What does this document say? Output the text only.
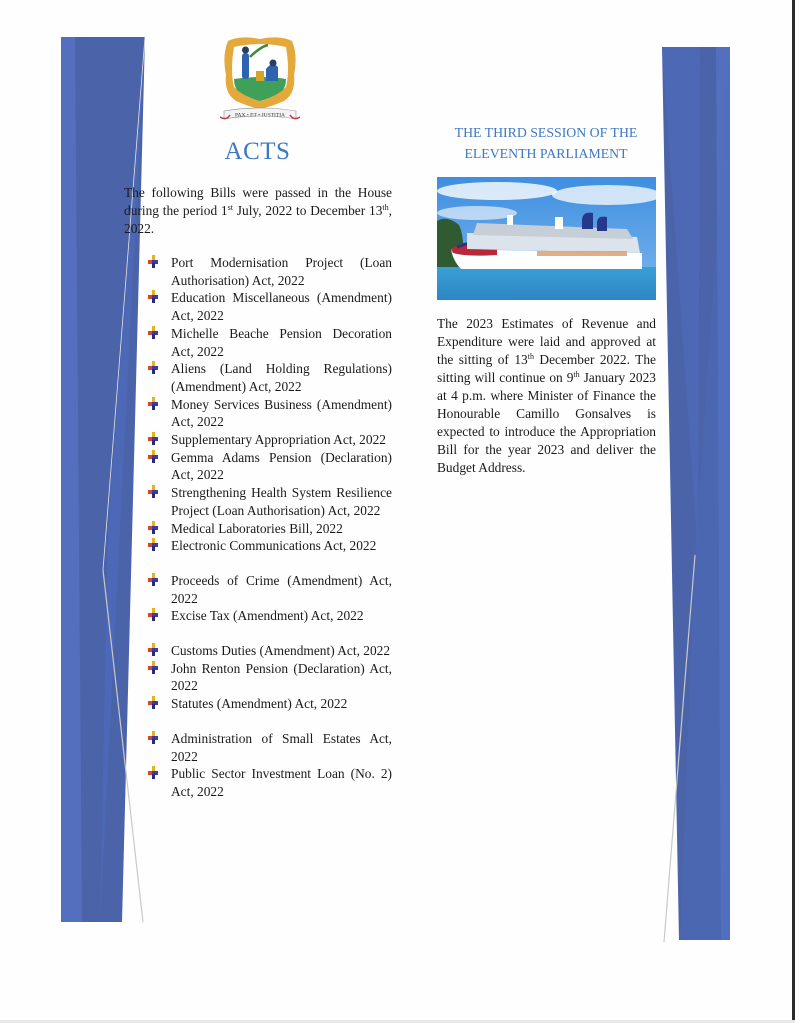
PAX • ET • JUSTITIA
ACTS
The following Bills were passed in the House during the period 1st July, 2022 to December 13th, 2022.
Port Modernisation Project (Loan Authorisation) Act, 2022
Education Miscellaneous (Amendment) Act, 2022
Michelle Beache Pension Decoration Act, 2022
Aliens (Land Holding Regulations) (Amendment) Act, 2022
Money Services Business (Amendment) Act, 2022
Supplementary Appropriation Act, 2022
Gemma Adams Pension (Declaration) Act, 2022
Strengthening Health System Resilience Project (Loan Authorisation) Act, 2022
Medical Laboratories Bill, 2022
Electronic Communications Act, 2022
Proceeds of Crime (Amendment) Act, 2022
Excise Tax (Amendment) Act, 2022
Customs Duties (Amendment) Act, 2022
John Renton Pension (Declaration) Act, 2022
Statutes (Amendment) Act, 2022
Administration of Small Estates Act, 2022
Public Sector Investment Loan (No. 2) Act, 2022
THE THIRD SESSION OF THE
ELEVENTH PARLIAMENT
The 2023 Estimates of Revenue and Expenditure were laid and approved at the sitting of 13th December 2022. The sitting will continue on 9th January 2023 at 4 p.m. where Minister of Finance the Honourable Camillo Gonsalves is expected to introduce the Appropriation Bill for the year 2023 and deliver the Budget Address.
